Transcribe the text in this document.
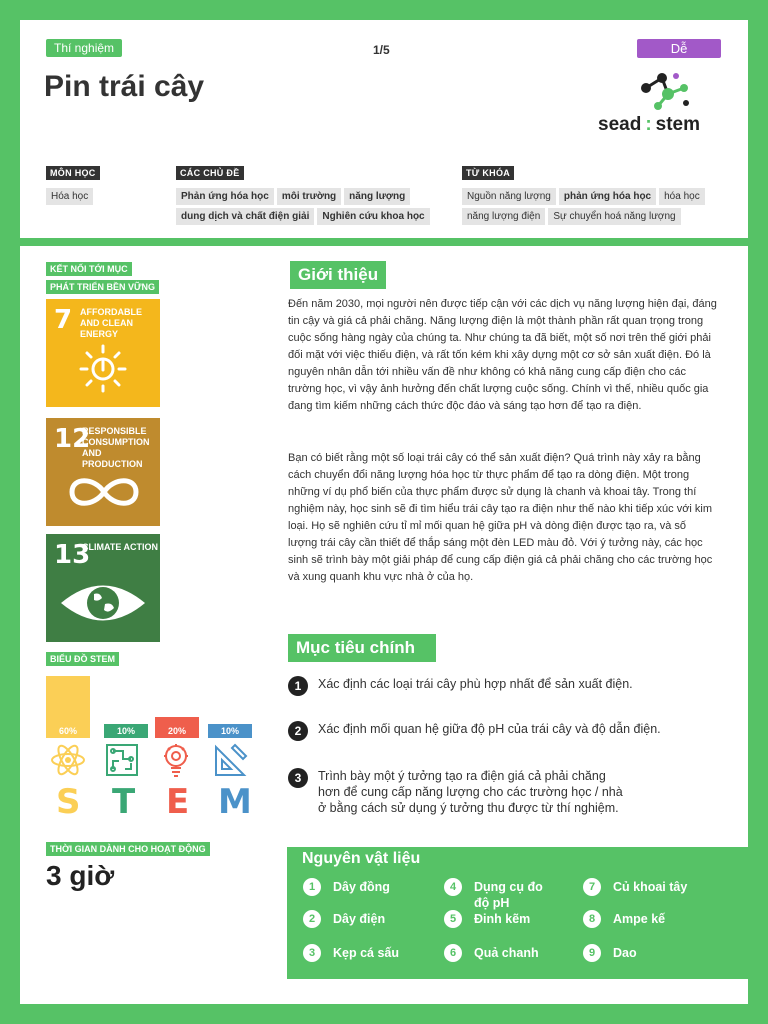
Thí nghiệm	1/5	Dễ
Pin trái cây
sead : stem
MÔN HỌC
Hóa học
CÁC CHỦ ĐỀ
Phản ứng hóa học môi trường năng lượngdung dịch và chất điện giải Nghiên cứu khoa học
TỪ KHÓA
Nguồn năng lượng phản ứng hóa học hóa họcnăng lượng điện Sự chuyển hoá năng lượng
KẾT NỐI TỚI MỤC
PHÁT TRIỂN BỀN VỮNG
7 AFFORDABLE AND CLEAN ENERGY
12
RESPONSIBLE CONSUMPTION AND PRODUCTION
13
CLIMATE ACTION
BIỂU ĐỒ STEM
60%	10%	20%	10%
S T E M
THỜI GIAN DÀNH CHO HOẠT ĐỘNG
3 giờ
Giới thiệu

Đến năm 2030, mọi người nên được tiếp cận với các dịch vụ năng lượng hiện đại, đáng tin cậy và giá cả phải chăng. Năng lượng điện là một thành phần rất quan trọng trong cuộc sống hàng ngày của chúng ta. Như chúng ta đã biết, một số nơi trên thế giới phải đối mặt với việc thiếu điện, và rất tốn kém khi xây dựng một cơ sở sản xuất điện. Đó là nguyên nhân dẫn tới nhiều vấn đề như không có khả năng cung cấp điện cho các trường học, vì vậy ảnh hưởng đến chất lượng cuộc sống. Chính vì thế, nhiều quốc gia đang tìm kiếm những cách thức độc đáo và sáng tạo hơn để tạo ra điện.

Bạn có biết rằng một số loại trái cây có thể sản xuất điện? Quá trình này xảy ra bằng cách chuyển đổi năng lượng hóa học từ thực phẩm để tạo ra dòng điện. Một trong những ví dụ phổ biến của thực phẩm được sử dụng là chanh và khoai tây. Trong thí nghiệm này, học sinh sẽ đi tìm hiểu trái cây tạo ra điện như thế nào khi tiếp xúc với kim loại. Họ sẽ nghiên cứu tỉ mỉ mối quan hệ giữa pH và dòng điện được tạo ra, và số lượng trái cây cần thiết để thắp sáng một đèn LED màu đỏ. Với ý tưởng này, các học sinh sẽ trình bày một giải pháp để cung cấp điện giá cả phải chăng cho các trường học và xung quanh khu vực nhà ở của họ.

Mục tiêu chính
1	Xác định các loại trái cây phù hợp nhất để sản xuất điện.
2	Xác định mối quan hệ giữa độ pH của trái cây và độ dẫn điện.
3	Trình bày một ý tưởng tạo ra điện giá cả phải chăng
hơn để cung cấp năng lượng cho các trường học / nhà
ở bằng cách sử dụng ý tưởng thu được từ thí nghiệm.
Nguyên vật liệu
1	Dây đồng
2	Dây điện
3	Kẹp cá sấu
4	Dụng cụ đo
độ pH
5	Đinh kẽm
6	Quả chanh
7	Củ khoai tây
8	Ampe kế
9	Dao
